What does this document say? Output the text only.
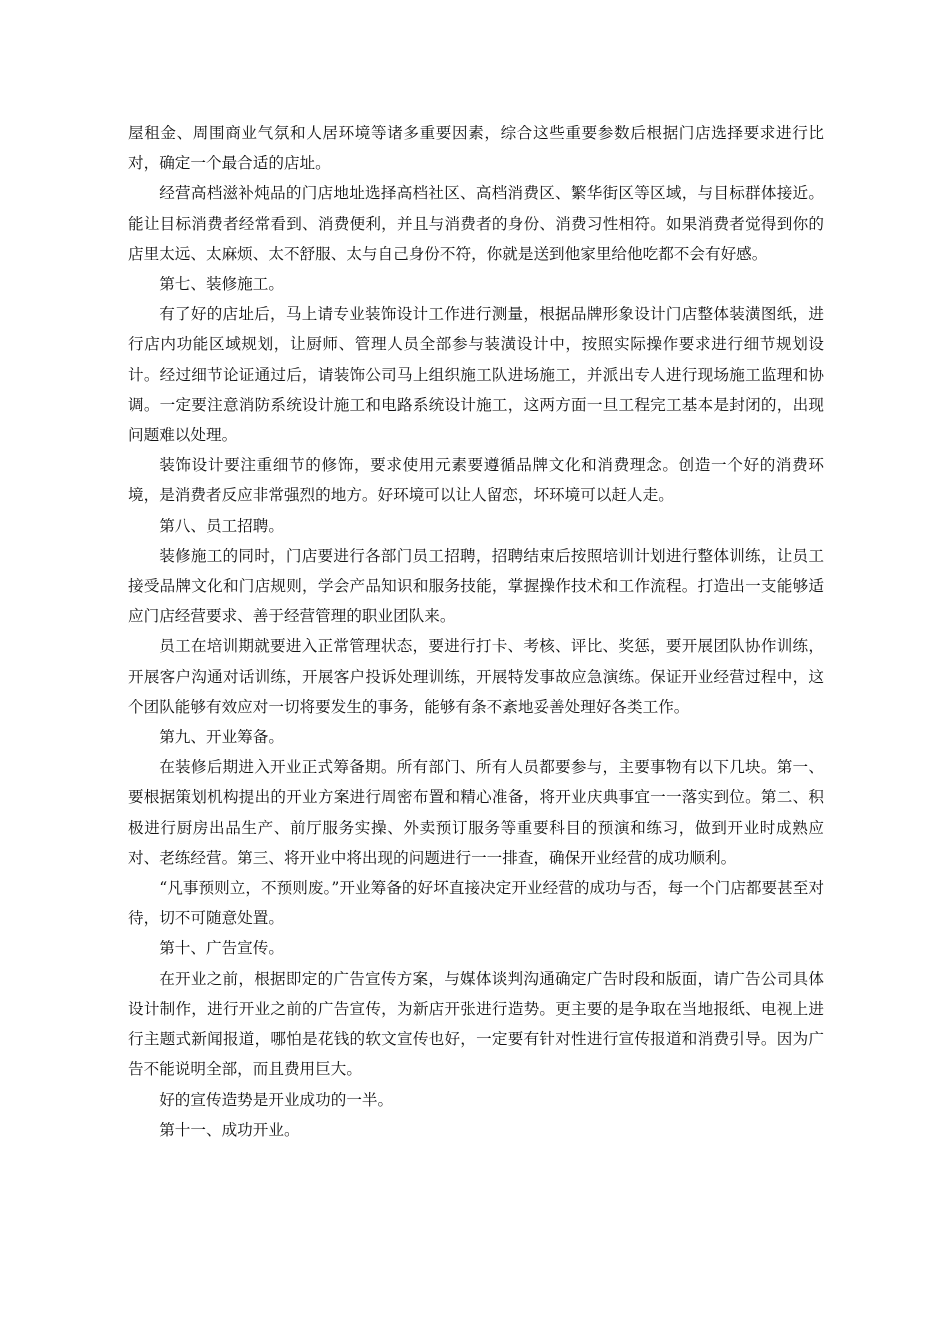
屋租金、周围商业气氛和人居环境等诸多重要因素，综合这些重要参数后根据门店选择要求进行比对，确定一个最合适的店址。

经营高档滋补炖品的门店地址选择高档社区、高档消费区、繁华街区等区域，与目标群体接近。能让目标消费者经常看到、消费便利，并且与消费者的身份、消费习性相符。如果消费者觉得到你的店里太远、太麻烦、太不舒服、太与自己身份不符，你就是送到他家里给他吃都不会有好感。

第七、装修施工。

有了好的店址后，马上请专业装饰设计工作进行测量，根据品牌形象设计门店整体装潢图纸，进行店内功能区域规划，让厨师、管理人员全部参与装潢设计中，按照实际操作要求进行细节规划设计。经过细节论证通过后，请装饰公司马上组织施工队进场施工，并派出专人进行现场施工监理和协调。一定要注意消防系统设计施工和电路系统设计施工，这两方面一旦工程完工基本是封闭的，出现问题难以处理。

装饰设计要注重细节的修饰，要求使用元素要遵循品牌文化和消费理念。创造一个好的消费环境，是消费者反应非常强烈的地方。好环境可以让人留恋，坏环境可以赶人走。

第八、员工招聘。

装修施工的同时，门店要进行各部门员工招聘，招聘结束后按照培训计划进行整体训练，让员工接受品牌文化和门店规则，学会产品知识和服务技能，掌握操作技术和工作流程。打造出一支能够适应门店经营要求、善于经营管理的职业团队来。

员工在培训期就要进入正常管理状态，要进行打卡、考核、评比、奖惩，要开展团队协作训练，开展客户沟通对话训练，开展客户投诉处理训练，开展特发事故应急演练。保证开业经营过程中，这个团队能够有效应对一切将要发生的事务，能够有条不紊地妥善处理好各类工作。

第九、开业筹备。

在装修后期进入开业正式筹备期。所有部门、所有人员都要参与，主要事物有以下几块。第一、要根据策划机构提出的开业方案进行周密布置和精心准备，将开业庆典事宜一一落实到位。第二、积极进行厨房出品生产、前厅服务实操、外卖预订服务等重要科目的预演和练习，做到开业时成熟应对、老练经营。第三、将开业中将出现的问题进行一一排查，确保开业经营的成功顺利。

“凡事预则立，不预则废。”开业筹备的好坏直接决定开业经营的成功与否，每一个门店都要甚至对待，切不可随意处置。

第十、广告宣传。

在开业之前，根据即定的广告宣传方案，与媒体谈判沟通确定广告时段和版面，请广告公司具体设计制作，进行开业之前的广告宣传，为新店开张进行造势。更主要的是争取在当地报纸、电视上进行主题式新闻报道，哪怕是花钱的软文宣传也好，一定要有针对性进行宣传报道和消费引导。因为广告不能说明全部，而且费用巨大。

好的宣传造势是开业成功的一半。

第十一、成功开业。
